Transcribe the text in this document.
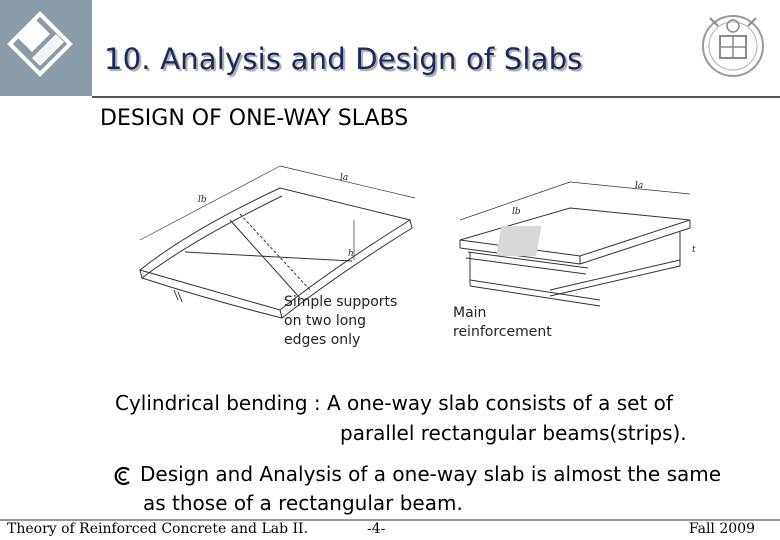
10. Analysis and Design of Slabs
DESIGN OF ONE-WAY SLABS
lb
la
h
lb
la
t
Simple supports on two long edges only
Main reinforcement
Cylindrical bending : A one-way slab consists of a set of
parallel rectangular beams(strips).
Design and Analysis of a one-way slab is almost the same
as those of a rectangular beam.
Theory of Reinforced Concrete and Lab II.	-4-	Fall 2009
